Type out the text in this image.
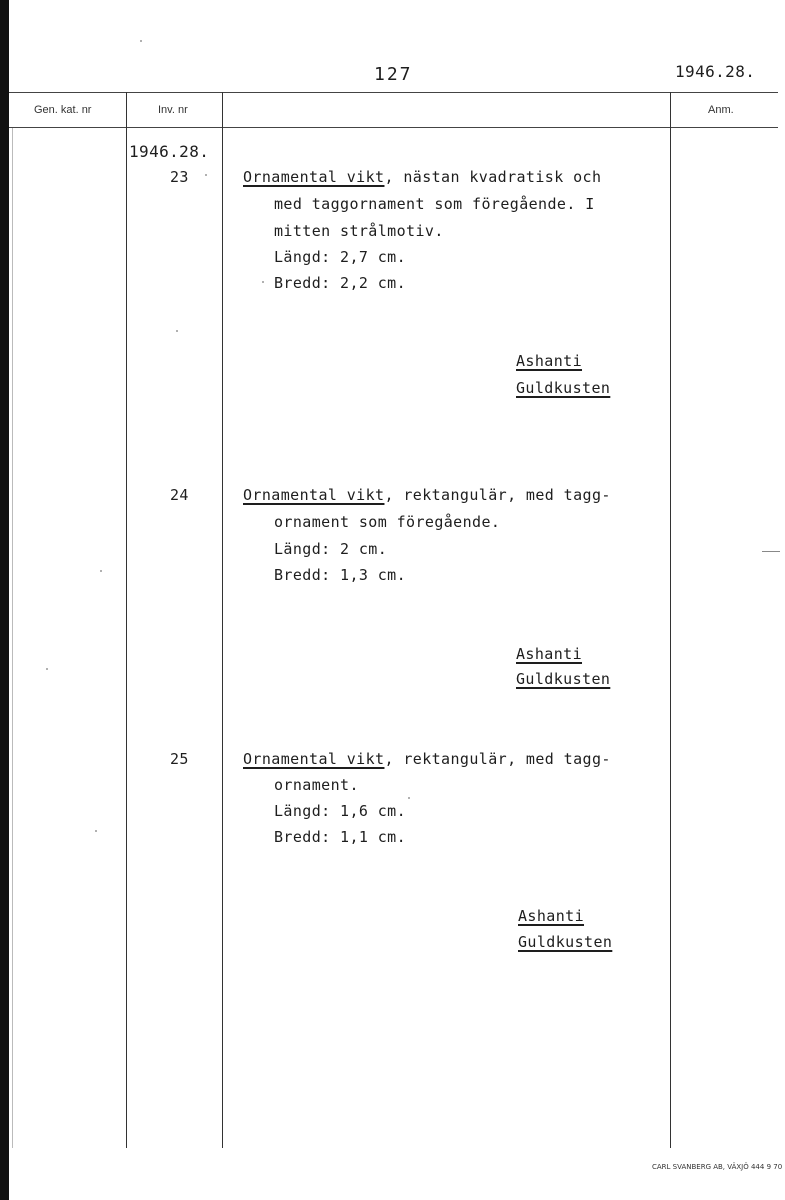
127	1946.28.
Gen. kat. nr	Inv. nr	Anm.
1946.28.
23	Ornamental vikt, nästan kvadratisk och
med taggornament som föregående. I
mitten strålmotiv.
Längd: 2,7 cm.
Bredd: 2,2 cm.
Ashanti
Guldkusten
24	Ornamental vikt, rektangulär, med tagg-
ornament som föregående.
Längd: 2 cm.
Bredd: 1,3 cm.
Ashanti
Guldkusten
25	Ornamental vikt, rektangulär, med tagg-
ornament.
Längd: 1,6 cm.
Bredd: 1,1 cm.
Ashanti
Guldkusten
CARL SVANBERG AB, VÄXJÖ 444 9 70
